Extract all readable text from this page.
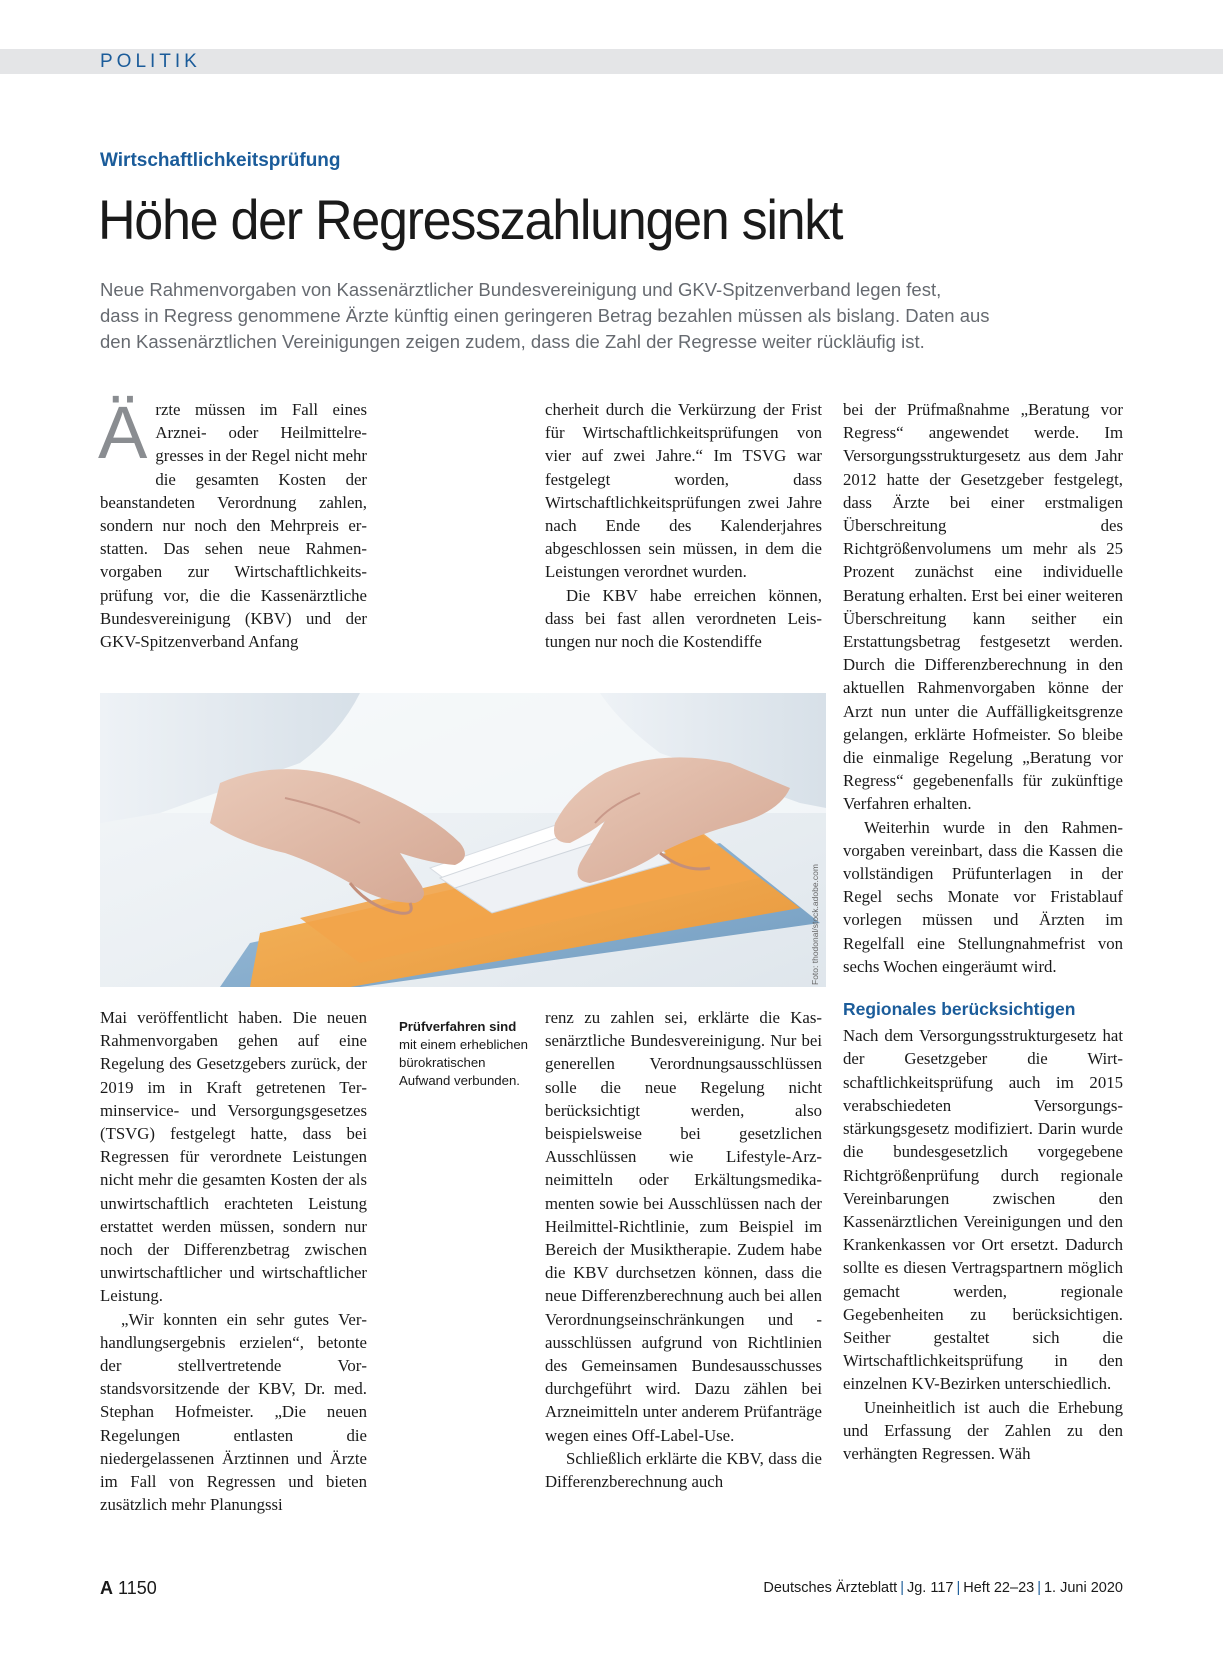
POLITIK
Wirtschaftlichkeitsprüfung
Höhe der Regresszahlungen sinkt
Neue Rahmenvorgaben von Kassenärztlicher Bundesvereinigung und GKV-Spitzenverband legen fest,
dass in Regress genommene Ärzte künftig einen geringeren Betrag bezahlen müssen als bislang. Daten aus
den Kassenärztlichen Vereinigungen zeigen zudem, dass die Zahl der Regresse weiter rückläufig ist.

Ä rzte müssen im Fall eines Arznei- oder Heilmittelregresses in der Regel nicht mehr die gesamten Kosten der beanstandeten Verordnung zahlen, sondern nur noch den Mehrpreis erstatten. Das sehen neue Rahmenvorgaben zur Wirtschaftlichkeitsprüfung vor, die die Kassenärztliche Bundesvereinigung (KBV) und der GKV-Spitzenverband Anfang

cherheit durch die Verkürzung der Frist für Wirtschaftlichkeitsprüfungen von vier auf zwei Jahre.“ Im TSVG war festgelegt worden, dass Wirtschaftlichkeitsprüfungen zwei Jahre nach Ende des Kalenderjahres abgeschlossen sein müssen, in dem die Leistungen verordnet wurden.

Die KBV habe erreichen können, dass bei fast allen verordneten Leistungen nur noch die Kostendiffe

Foto: thodonal/stock.adobe.com

Mai veröffentlicht haben. Die neuen Rahmenvorgaben gehen auf eine Regelung des Gesetzgebers zurück, der 2019 im in Kraft getretenen Terminservice- und Versorgungsgesetzes (TSVG) festgelegt hatte, dass bei Regressen für verordnete Leistungen nicht mehr die gesamten Kosten der als unwirtschaftlich erachteten Leistung erstattet werden müssen, sondern nur noch der Differenzbetrag zwischen unwirtschaftlicher und wirtschaftlicher Leistung.

„Wir konnten ein sehr gutes Verhandlungsergebnis erzielen“, betonte der stellvertretende Vorstandsvorsitzende der KBV, Dr. med. Stephan Hofmeister. „Die neuen Regelungen entlasten die niedergelassenen Ärztinnen und Ärzte im Fall von Regressen und bieten zusätzlich mehr Planungssi

Prüfverfahren sind
mit einem erheblichen bürokratischen Aufwand verbunden.

renz zu zahlen sei, erklärte die Kassenärztliche Bundesvereinigung. Nur bei generellen Verordnungsausschlüssen solle die neue Regelung nicht berücksichtigt werden, also beispielsweise bei gesetzlichen Ausschlüssen wie Lifestyle-Arzneimitteln oder Erkältungsmedikamenten sowie bei Ausschlüssen nach der Heilmittel-Richtlinie, zum Beispiel im Bereich der Musiktherapie. Zudem habe die KBV durchsetzen können, dass die neue Differenzberechnung auch bei allen Verordnungseinschränkungen und -ausschlüssen aufgrund von Richtlinien des Gemeinsamen Bundesausschusses durchgeführt wird. Dazu zählen bei Arzneimitteln unter anderem Prüfanträge wegen eines Off-Label-Use.

Schließlich erklärte die KBV, dass die Differenzberechnung auch

bei der Prüfmaßnahme „Beratung vor Regress“ angewendet werde. Im Versorgungsstrukturgesetz aus dem Jahr 2012 hatte der Gesetzgeber festgelegt, dass Ärzte bei einer erstmaligen Überschreitung des Richtgrößenvolumens um mehr als 25 Prozent zunächst eine individuelle Beratung erhalten. Erst bei einer weiteren Überschreitung kann seither ein Erstattungsbetrag festgesetzt werden. Durch die Differenzberechnung in den aktuellen Rahmenvorgaben könne der Arzt nun unter die Auffälligkeitsgrenze gelangen, erklärte Hofmeister. So bleibe die einmalige Regelung „Beratung vor Regress“ gegebenenfalls für zukünftige Verfahren erhalten.

Weiterhin wurde in den Rahmenvorgaben vereinbart, dass die Kassen die vollständigen Prüfunterlagen in der Regel sechs Monate vor Fristablauf vorlegen müssen und Ärzten im Regelfall eine Stellungnahmefrist von sechs Wochen eingeräumt wird.

Regionales berücksichtigen

Nach dem Versorgungsstrukturgesetz hat der Gesetzgeber die Wirtschaftlichkeitsprüfung auch im 2015 verabschiedeten Versorgungsstärkungsgesetz modifiziert. Darin wurde die bundesgesetzlich vorgegebene Richtgrößenprüfung durch regionale Vereinbarungen zwischen den Kassenärztlichen Vereinigungen und den Krankenkassen vor Ort ersetzt. Dadurch sollte es diesen Vertragspartnern möglich gemacht werden, regionale Gegebenheiten zu berücksichtigen. Seither gestaltet sich die Wirtschaftlichkeitsprüfung in den einzelnen KV-Bezirken unterschiedlich.

Uneinheitlich ist auch die Erhebung und Erfassung der Zahlen zu den verhängten Regressen. Wäh

A 1150	Deutsches Ärzteblatt | Jg. 117 | Heft 22–23 | 1. Juni 2020
